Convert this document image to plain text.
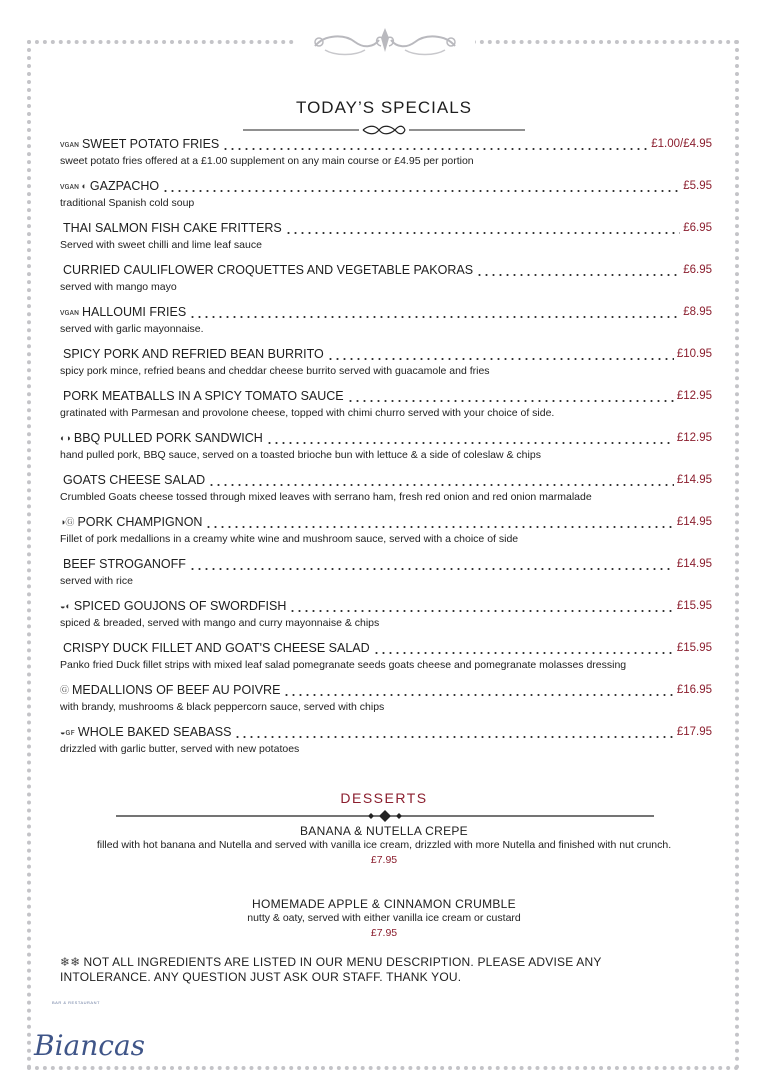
TODAY’S SPECIALS
ᴠɢᴀɴ SWEET POTATO FRIES	£1.00/£4.95
sweet potato fries offered at a £1.00 supplement on any main course or £4.95 per portion
ᴠɢᴀɴ ◐ GAZPACHO	£5.95
traditional Spanish cold soup
THAI SALMON FISH CAKE FRITTERS	£6.95
Served with sweet chilli and lime leaf sauce
CURRIED CAULIFLOWER CROQUETTES AND VEGETABLE PAKORAS	£6.95
served with mango mayo
ᴠɢᴀɴ HALLOUMI FRIES	£8.95
served with garlic mayonnaise.
SPICY PORK AND REFRIED BEAN BURRITO	£10.95
spicy pork mince, refried beans and cheddar cheese burrito served with guacamole and fries
PORK MEATBALLS IN A SPICY TOMATO SAUCE	£12.95
gratinated with Parmesan and provolone cheese, topped with chimi churro served with your choice of side.
◐◑ BBQ PULLED PORK SANDWICH	£12.95
hand pulled pork, BBQ sauce, served on a toasted brioche bun with lettuce & a side of coleslaw & chips
GOATS CHEESE SALAD	£14.95
Crumbled Goats cheese tossed through mixed leaves with serrano ham, fresh red onion and red onion marmalade
◑Ⓖ PORK CHAMPIGNON	£14.95
Fillet of pork medallions in a creamy white wine and mushroom sauce, served with a choice of side
BEEF STROGANOFF	£14.95
served with rice
◒◐ SPICED GOUJONS OF SWORDFISH	£15.95
spiced & breaded, served with mango and curry mayonnaise & chips
CRISPY DUCK FILLET AND GOAT'S CHEESE SALAD	£15.95
Panko fried Duck fillet strips with mixed leaf salad pomegranate seeds goats cheese and pomegranate molasses dressing
Ⓖ MEDALLIONS OF BEEF AU POIVRE	£16.95
with brandy, mushrooms & black peppercorn sauce, served with chips
◒ɢꜰ WHOLE BAKED SEABASS	£17.95
drizzled with garlic butter, served with new potatoes
DESSERTS
BANANA & NUTELLA CREPE
filled with hot banana and Nutella and served with vanilla ice cream, drizzled with more Nutella and finished with nut crunch.
£7.95
HOMEMADE APPLE & CINNAMON CRUMBLE
nutty & oaty, served with either vanilla ice cream or custard
£7.95
❄❄ NOT ALL INGREDIENTS ARE LISTED IN OUR MENU DESCRIPTION. PLEASE ADVISE ANY INTOLERANCE. ANY QUESTION JUST ASK OUR STAFF. THANK YOU.
BAR & RESTAURANT
Biancas
